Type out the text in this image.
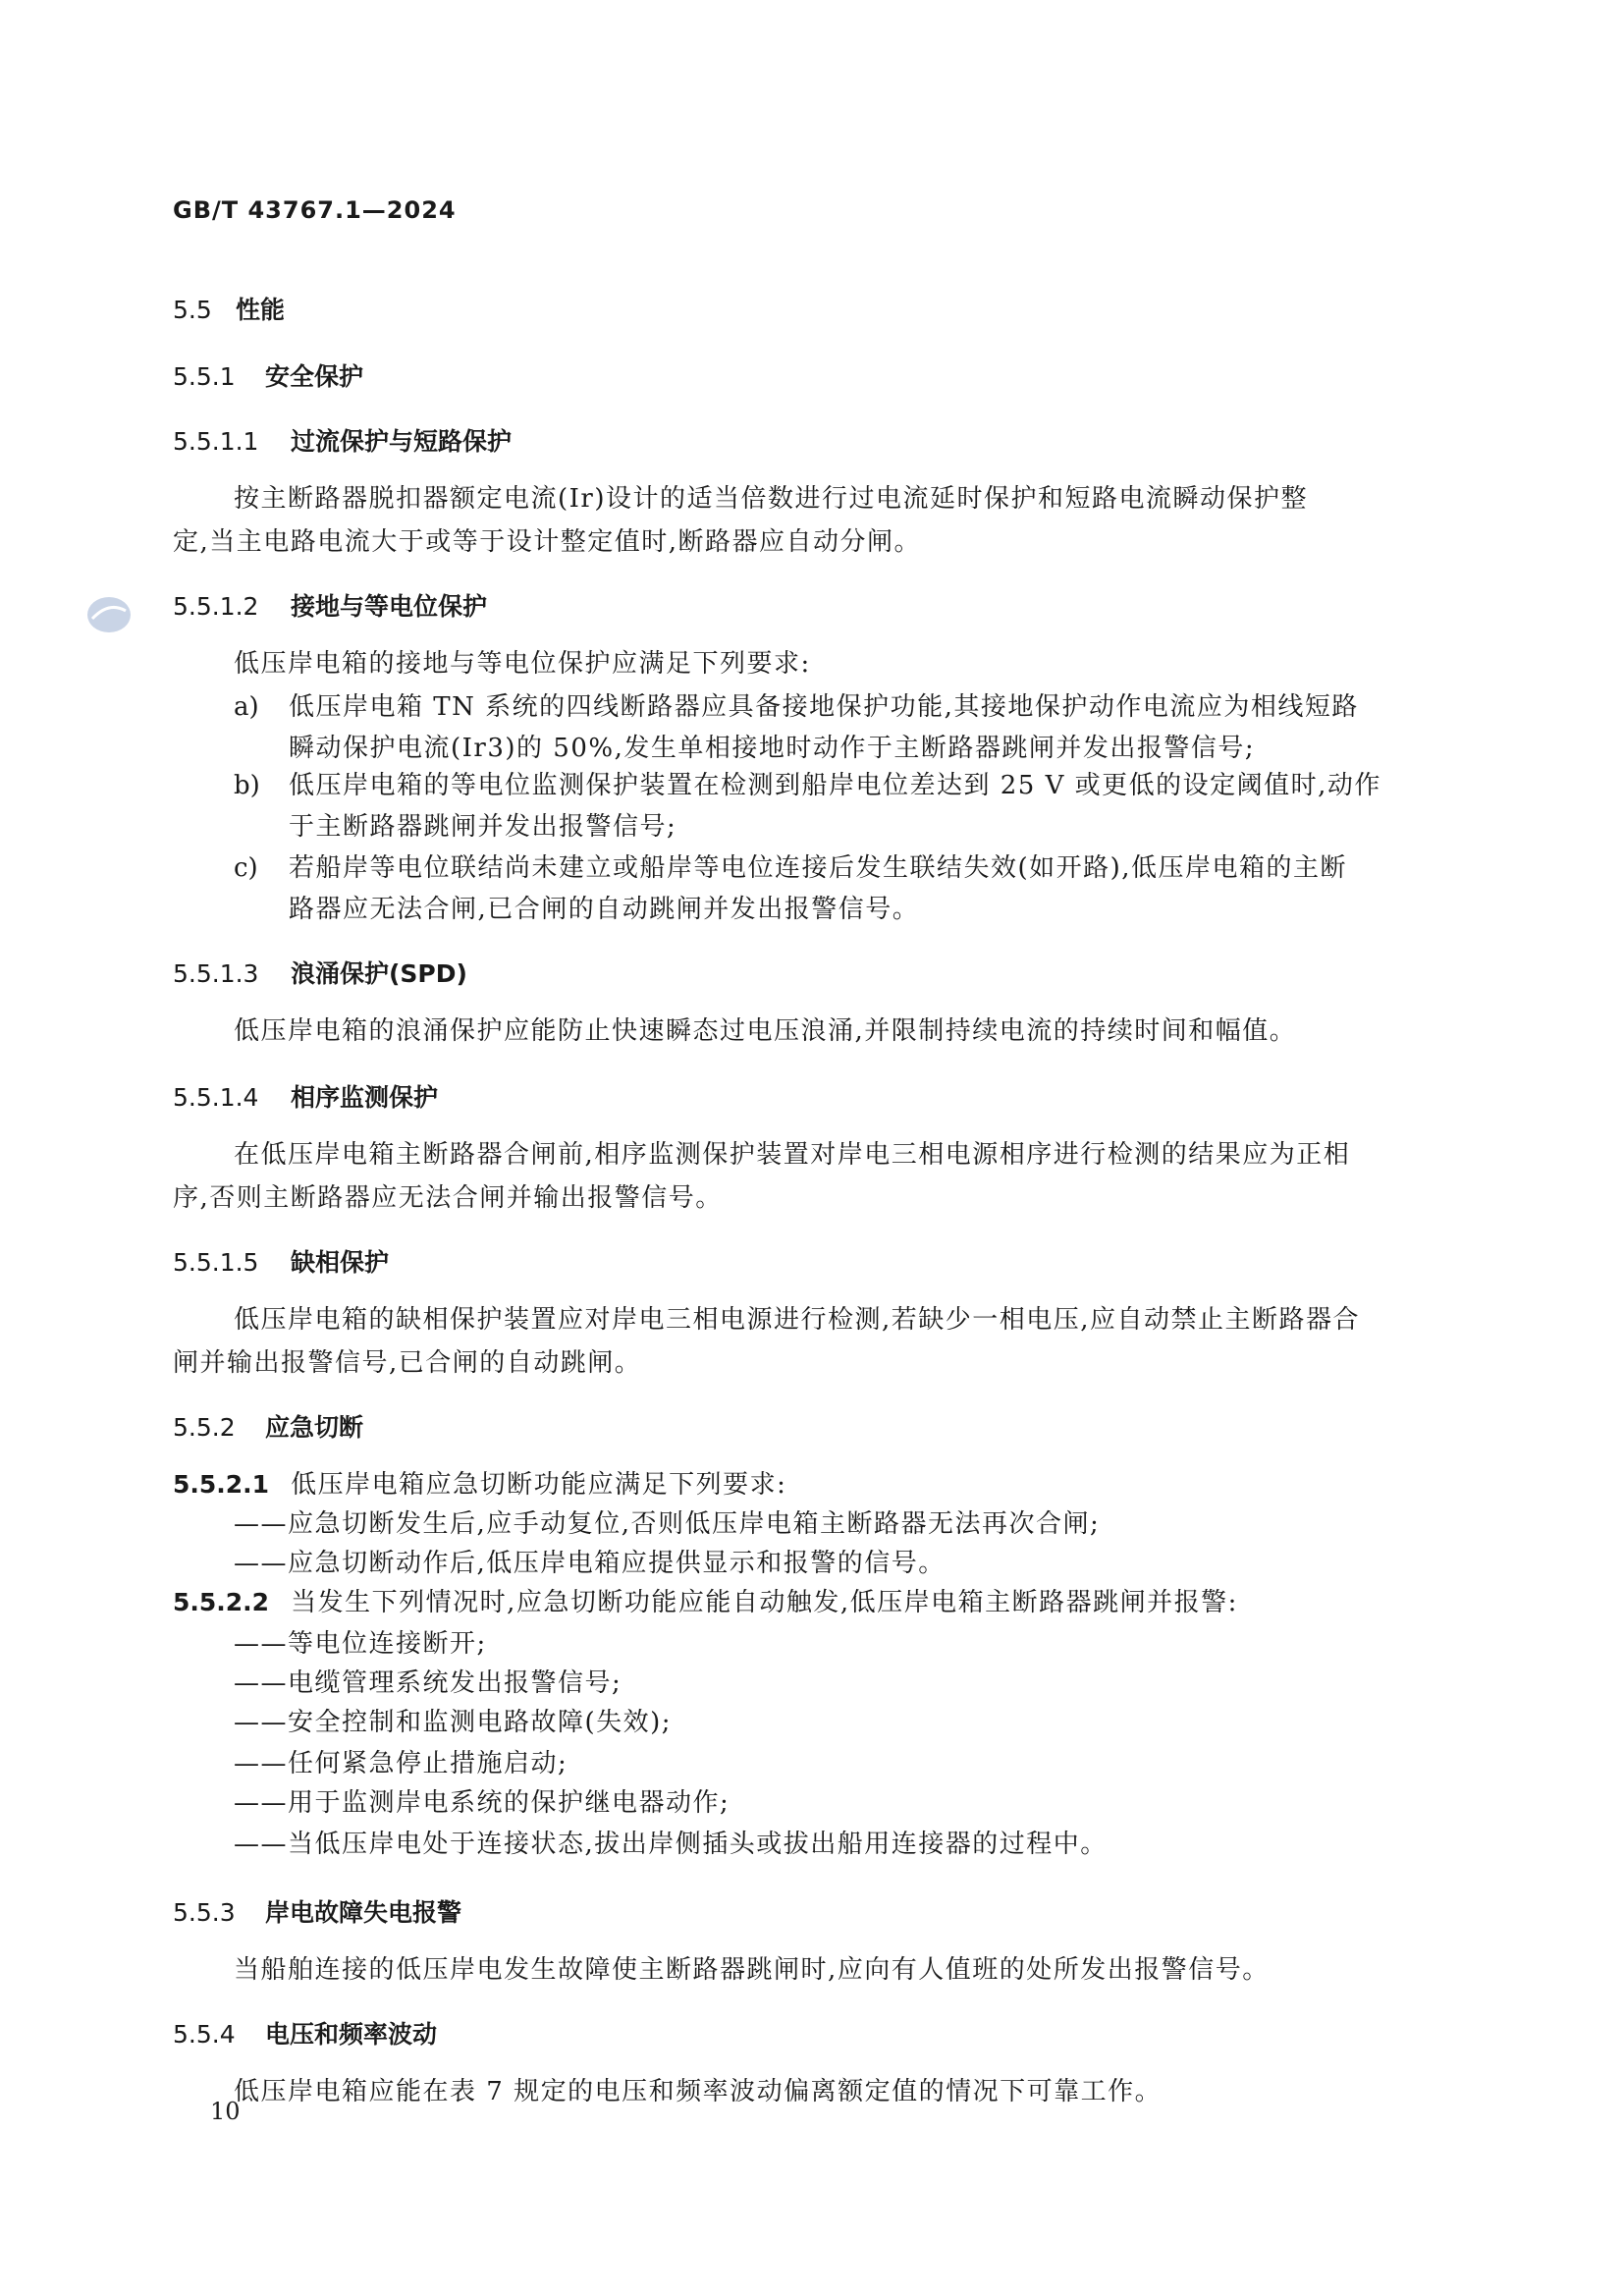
GB/T 43767.1—2024
5.5 性能
5.5.1 安全保护
5.5.1.1 过流保护与短路保护
按主断路器脱扣器额定电流(Ir)设计的适当倍数进行过电流延时保护和短路电流瞬动保护整
定,当主电路电流大于或等于设计整定值时,断路器应自动分闸。
5.5.1.2 接地与等电位保护
低压岸电箱的接地与等电位保护应满足下列要求:
a) 低压岸电箱 TN 系统的四线断路器应具备接地保护功能,其接地保护动作电流应为相线短路
瞬动保护电流(Ir3)的 50%,发生单相接地时动作于主断路器跳闸并发出报警信号;
b) 低压岸电箱的等电位监测保护装置在检测到船岸电位差达到 25 V 或更低的设定阈值时,动作
于主断路器跳闸并发出报警信号;
c) 若船岸等电位联结尚未建立或船岸等电位连接后发生联结失效(如开路),低压岸电箱的主断
路器应无法合闸,已合闸的自动跳闸并发出报警信号。
5.5.1.3 浪涌保护(SPD)
低压岸电箱的浪涌保护应能防止快速瞬态过电压浪涌,并限制持续电流的持续时间和幅值。
5.5.1.4 相序监测保护
在低压岸电箱主断路器合闸前,相序监测保护装置对岸电三相电源相序进行检测的结果应为正相
序,否则主断路器应无法合闸并输出报警信号。
5.5.1.5 缺相保护
低压岸电箱的缺相保护装置应对岸电三相电源进行检测,若缺少一相电压,应自动禁止主断路器合
闸并输出报警信号,已合闸的自动跳闸。
5.5.2 应急切断
5.5.2.1 低压岸电箱应急切断功能应满足下列要求:
——应急切断发生后,应手动复位,否则低压岸电箱主断路器无法再次合闸;
——应急切断动作后,低压岸电箱应提供显示和报警的信号。
5.5.2.2 当发生下列情况时,应急切断功能应能自动触发,低压岸电箱主断路器跳闸并报警:
——等电位连接断开;
——电缆管理系统发出报警信号;
——安全控制和监测电路故障(失效);
——任何紧急停止措施启动;
——用于监测岸电系统的保护继电器动作;
——当低压岸电处于连接状态,拔出岸侧插头或拔出船用连接器的过程中。
5.5.3 岸电故障失电报警
当船舶连接的低压岸电发生故障使主断路器跳闸时,应向有人值班的处所发出报警信号。
5.5.4 电压和频率波动
低压岸电箱应能在表 7 规定的电压和频率波动偏离额定值的情况下可靠工作。
10
